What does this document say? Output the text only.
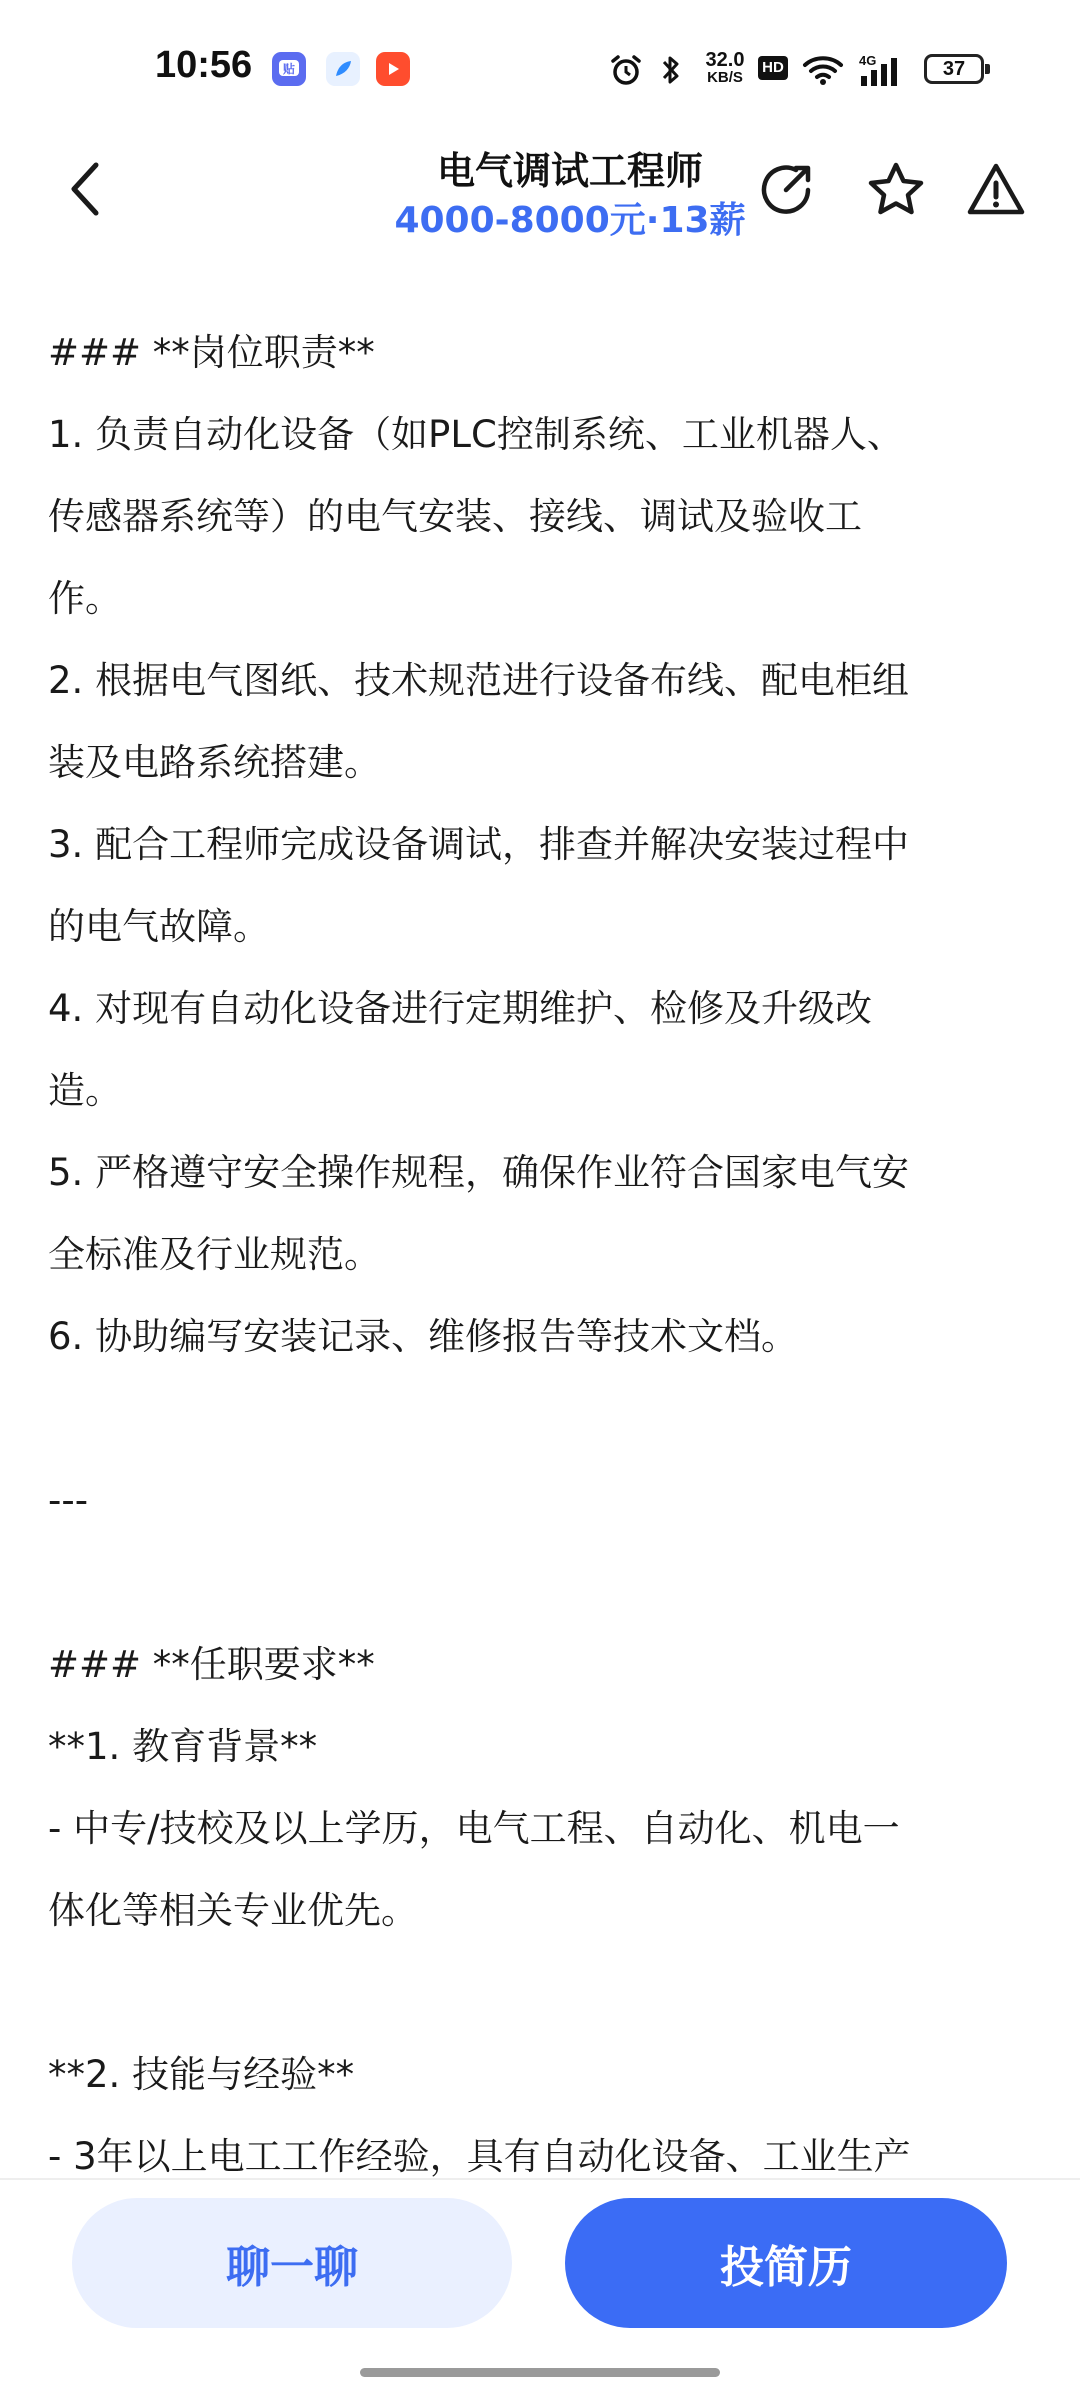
10:56	贴	32.0
KB/S
HD	4G	37
电气调试工程师
4000-8000元·13薪

### **岗位职责**

1. 负责自动化设备（如PLC控制系统、工业机器人、

传感器系统等）的电气安装、接线、调试及验收工

作。

2. 根据电气图纸、技术规范进行设备布线、配电柜组

装及电路系统搭建。

3. 配合工程师完成设备调试，排查并解决安装过程中

的电气故障。

4. 对现有自动化设备进行定期维护、检修及升级改

造。

5. 严格遵守安全操作规程，确保作业符合国家电气安

全标准及行业规范。

6. 协助编写安装记录、维修报告等技术文档。

---

### **任职要求**

**1. 教育背景**

- 中专/技校及以上学历，电气工程、自动化、机电一

体化等相关专业优先。

**2. 技能与经验**

- 3年以上电工工作经验，具有自动化设备、工业生产

聊一聊	投简历
